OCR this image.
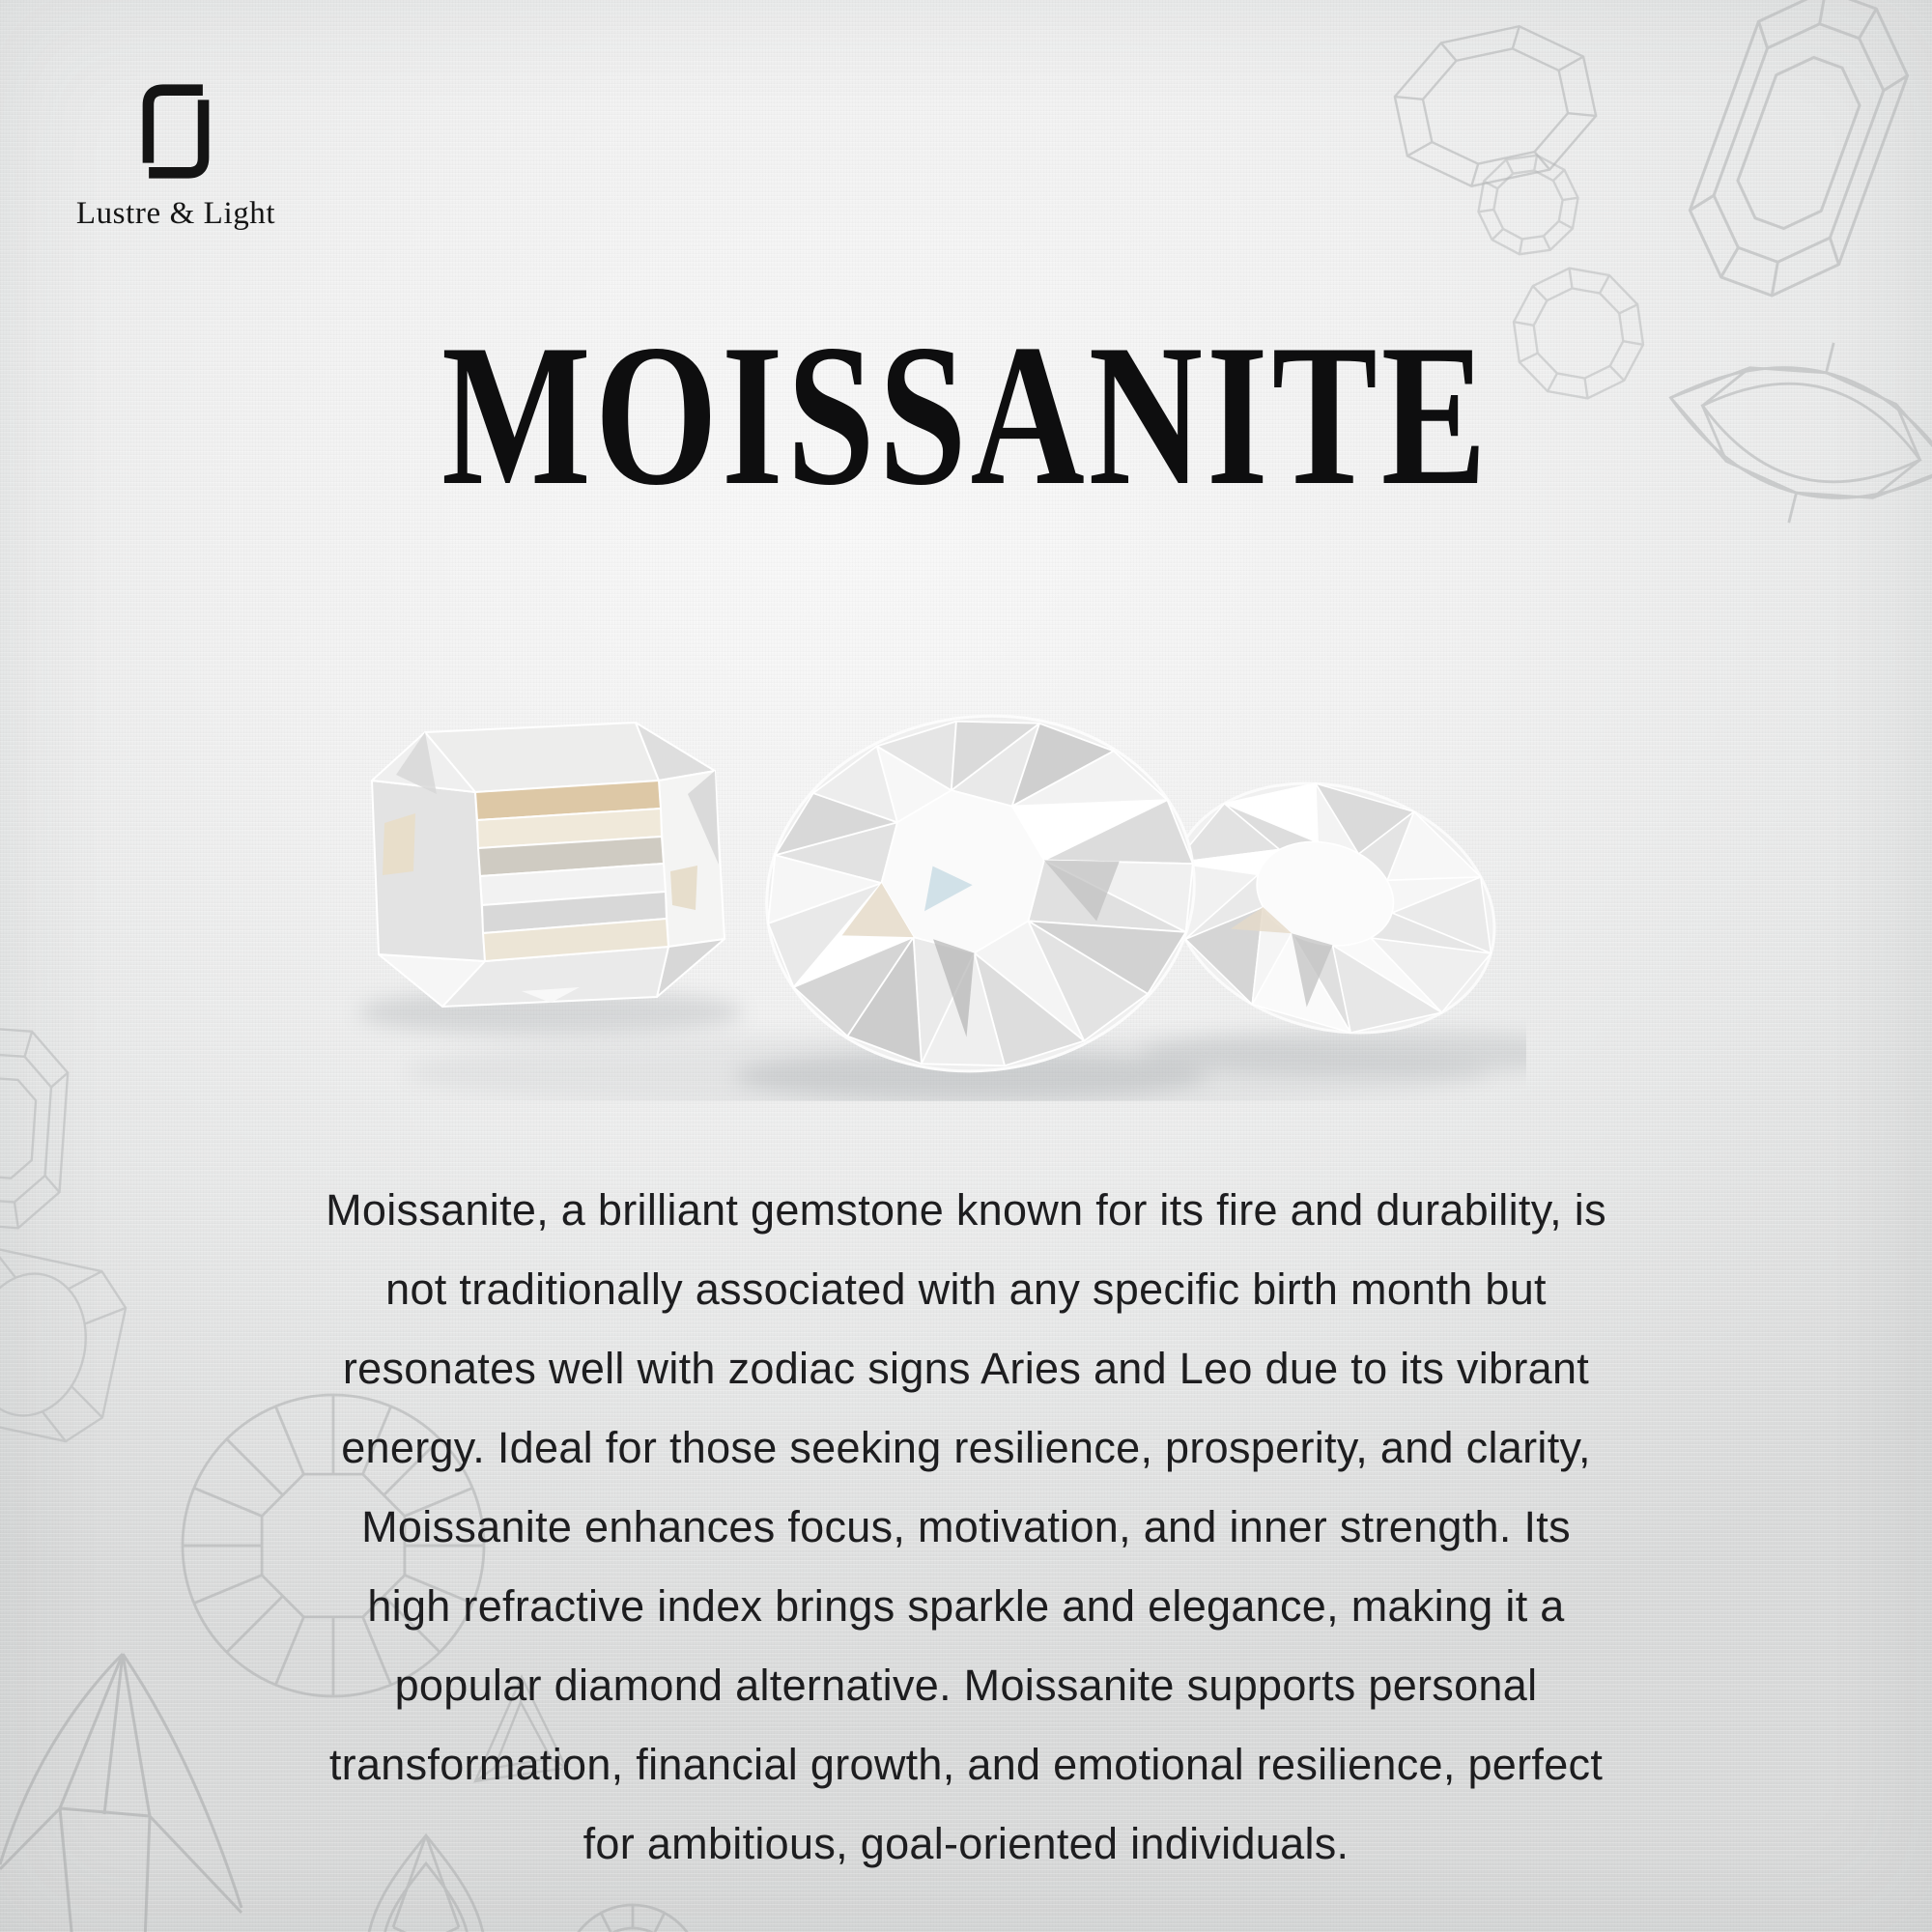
Lustre & Light
MOISSANITE

Moissanite, a brilliant gemstone known for its fire and durability, is

not traditionally associated with any specific birth month but

resonates well with zodiac signs Aries and Leo due to its vibrant

energy. Ideal for those seeking resilience, prosperity, and clarity,

Moissanite enhances focus, motivation, and inner strength. Its

high refractive index brings sparkle and elegance, making it a

popular diamond alternative. Moissanite supports personal

transformation, financial growth, and emotional resilience, perfect

for ambitious, goal-oriented individuals.
